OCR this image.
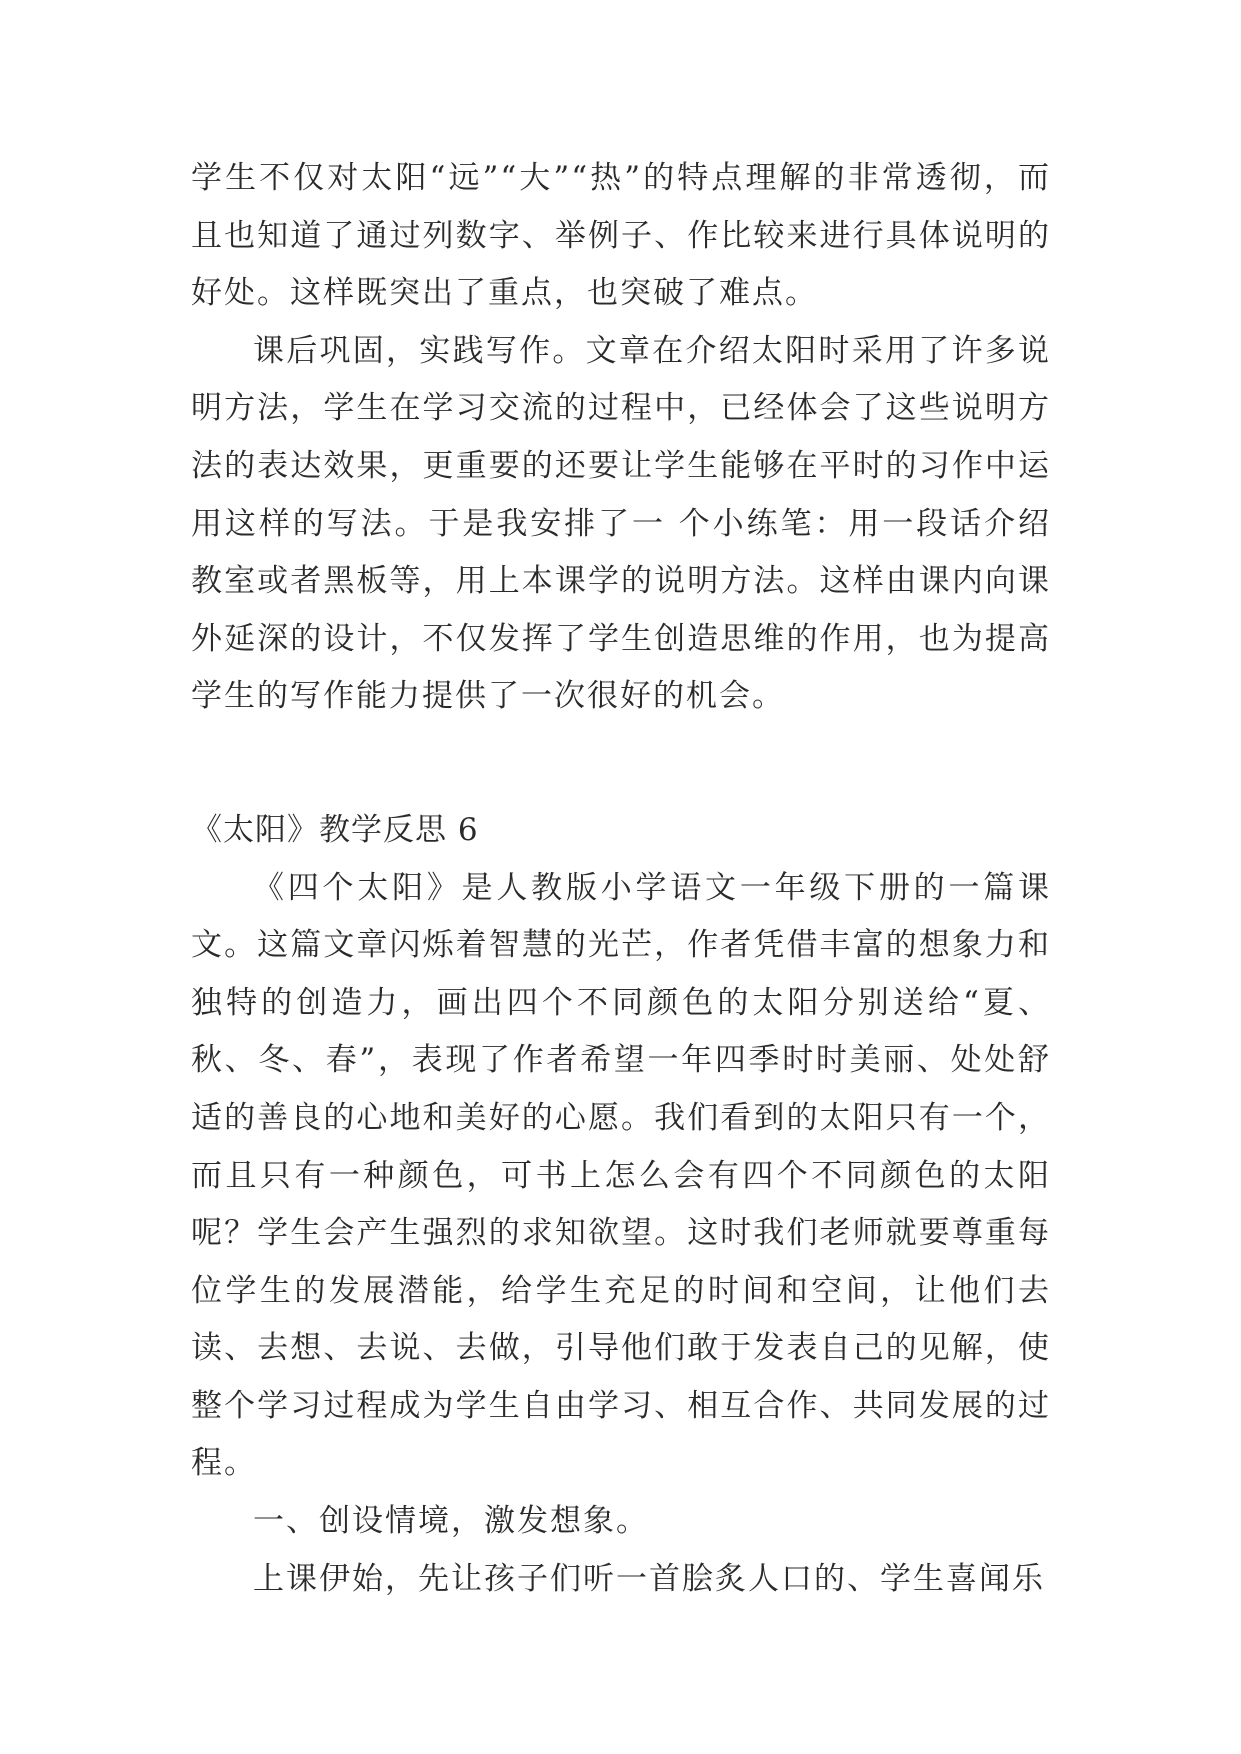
学生不仅对太阳“远”“大”“热”的特点理解的非常透彻，而且也知道了通过列数字、举例子、作比较来进行具体说明的好处。这样既突出了重点，也突破了难点。

课后巩固，实践写作。文章在介绍太阳时采用了许多说明方法，学生在学习交流的过程中，已经体会了这些说明方法的表达效果，更重要的还要让学生能够在平时的习作中运用这样的写法。于是我安排了一 个小练笔：用一段话介绍教室或者黑板等，用上本课学的说明方法。这样由课内向课外延深的设计，不仅发挥了学生创造思维的作用，也为提高学生的写作能力提供了一次很好的机会。

《太阳》教学反思 6

《四个太阳》是人教版小学语文一年级下册的一篇课文。这篇文章闪烁着智慧的光芒，作者凭借丰富的想象力和独特的创造力，画出四个不同颜色的太阳分别送给“夏、秋、冬、春”，表现了作者希望一年四季时时美丽、处处舒适的善良的心地和美好的心愿。我们看到的太阳只有一个，而且只有一种颜色，可书上怎么会有四个不同颜色的太阳呢？学生会产生强烈的求知欲望。这时我们老师就要尊重每位学生的发展潜能，给学生充足的时间和空间，让他们去读、去想、去说、去做，引导他们敢于发表自己的见解，使整个学习过程成为学生自由学习、相互合作、共同发展的过程。

一、创设情境，激发想象。

上课伊始，先让孩子们听一首脍炙人口的、学生喜闻乐
